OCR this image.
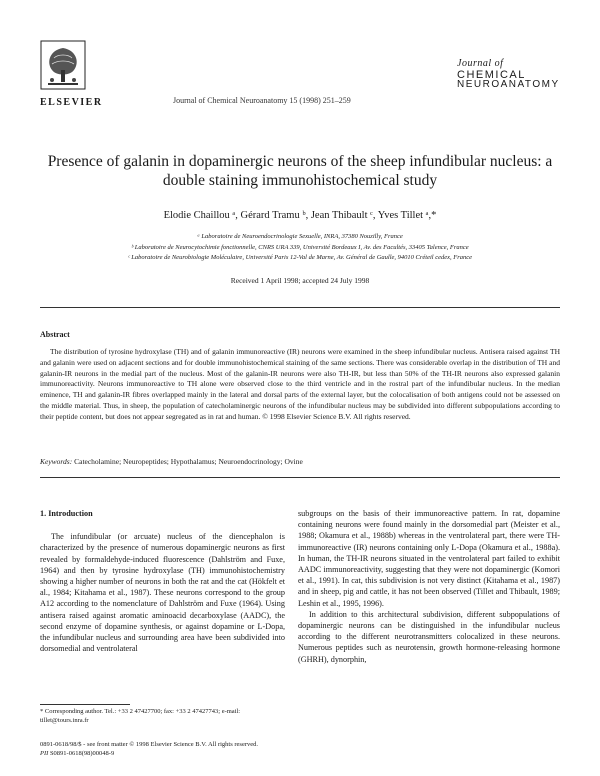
ELSEVIER	Journal of Chemical Neuroanatomy 15 (1998) 251–259
Journal of
CHEMICAL
NEUROANATOMY
Presence of galanin in dopaminergic neurons of the sheep infundibular nucleus: a double staining immunohistochemical study
Elodie Chaillou ᵃ, Gérard Tramu ᵇ, Jean Thibault ᶜ, Yves Tillet ᵃ,*
ᵃ Laboratoire de Neuroendocrinologie Sexuelle, INRA, 37380 Nouzilly, France
ᵇ Laboratoire de Neurocytochimie fonctionnelle, CNRS URA 339, Université Bordeaux I, Av. des Facultés, 33405 Talence, France
ᶜ Laboratoire de Neurobiologie Moléculaire, Université Paris 12-Val de Marne, Av. Général de Gaulle, 94010 Créteil cedex, France
Received 1 April 1998; accepted 24 July 1998
Abstract
The distribution of tyrosine hydroxylase (TH) and of galanin immunoreactive (IR) neurons were examined in the sheep infundibular nucleus. Antisera raised against TH and galanin were used on adjacent sections and for double immunohistochemical staining of the same sections. There was considerable overlap in the distribution of TH and galanin-IR neurons in the medial part of the nucleus. Most of the galanin-IR neurons were also TH-IR, but less than 50% of the TH-IR neurons also expressed galanin immunoreactivity. Neurons immunoreactive to TH alone were observed close to the third ventricle and in the rostral part of the infundibular nucleus. In the median eminence, TH and galanin-IR fibres overlapped mainly in the lateral and dorsal parts of the external layer, but the colocalisation of both antigens could not be assessed on the middle material. Thus, in sheep, the population of catecholaminergic neurons of the infundibular nucleus may be subdivided into different subpopulations according to their peptide content, but does not appear segregated as in rat and human. © 1998 Elsevier Science B.V. All rights reserved.
Keywords: Catecholamine; Neuropeptides; Hypothalamus; Neuroendocrinology; Ovine
1. Introduction

The infundibular (or arcuate) nucleus of the diencephalon is characterized by the presence of numerous dopaminergic neurons as first revealed by formaldehyde-induced fluorescence (Dahlström and Fuxe, 1964) and then by tyrosine hydroxylase (TH) immunohistochemistry showing a higher number of neurons in both the rat and the cat (Hökfelt et al., 1984; Kitahama et al., 1987). These neurons correspond to the group A12 according to the nomenclature of Dahlström and Fuxe (1964). Using antisera raised against aromatic aminoacid decarboxylase (AADC), the second enzyme of dopamine synthesis, or against dopamine or L-Dopa, the infundibular nucleus and surrounding area have been subdivided into dorsomedial and ventrolateral

subgroups on the basis of their immunoreactive pattern. In rat, dopamine containing neurons were found mainly in the dorsomedial part (Meister et al., 1988; Okamura et al., 1988b) whereas in the ventrolateral part, there were TH-immunoreactive (IR) neurons containing only L-Dopa (Okamura et al., 1988a). In human, the TH-IR neurons situated in the ventrolateral part failed to exhibit AADC immunoreactivity, suggesting that they were not dopaminergic (Komori et al., 1991). In cat, this subdivision is not very distinct (Kitahama et al., 1987) and in sheep, pig and cattle, it has not been observed (Tillet and Thibault, 1989; Leshin et al., 1995, 1996).

In addition to this architectural subdivision, different subpopulations of dopaminergic neurons can be distinguished in the infundibular nucleus according to the different neurotransmitters colocalized in these neurons. Numerous peptides such as neurotensin, growth hormone-releasing hormone (GHRH), dynorphin,

* Corresponding author. Tel.: +33 2 47427700; fax: +33 2 47427743; e-mail: tillet@tours.inra.fr
0891-0618/98/$ - see front matter © 1998 Elsevier Science B.V. All rights reserved.
PII S0891-0618(98)00048-9
